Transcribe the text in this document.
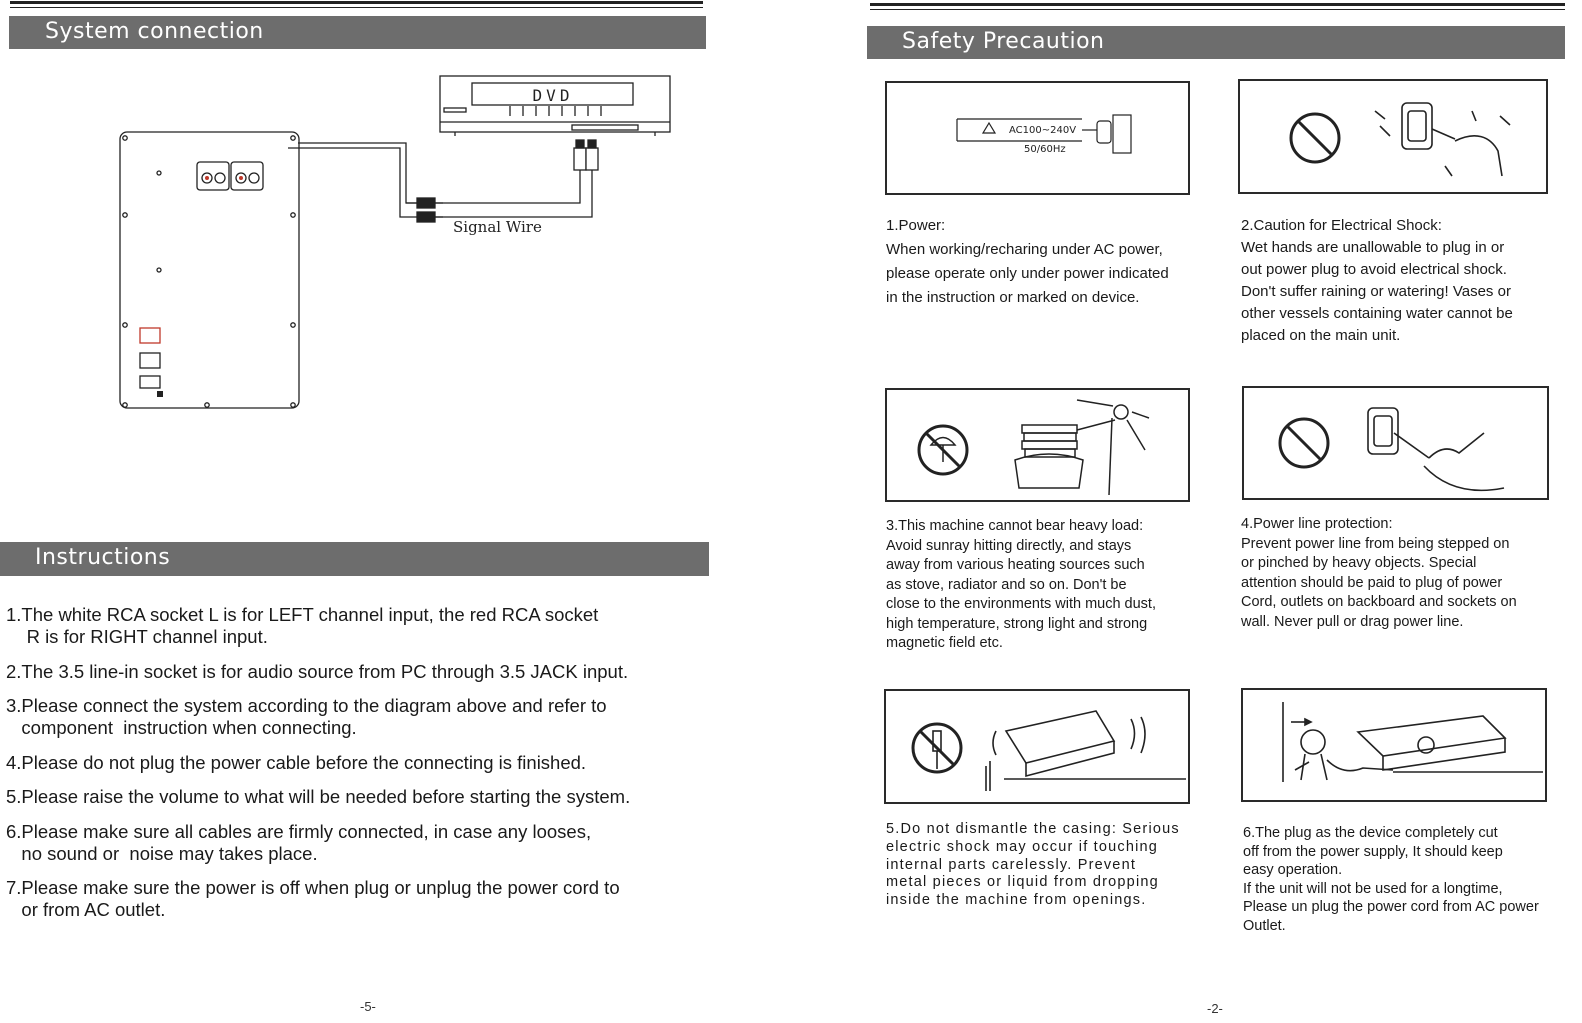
System connection
DVD
Signal Wire
Instructions
1.The white RCA socket L is for LEFT channel input, the red RCA socket
R is for RIGHT channel input.
2.The 3.5 line-in socket is for audio source from PC through 3.5 JACK input.
3.Please connect the system according to the diagram above and refer to
component  instruction when connecting.
4.Please do not plug the power cable before the connecting is finished.
5.Please raise the volume to what will be needed before starting the system.
6.Please make sure all cables are firmly connected, in case any looses,
no sound or  noise may takes place.
7.Please make sure the power is off when plug or unplug the power cord to
or from AC outlet.
-5-
Safety Precaution
AC100~240V
50/60Hz
1.Power:
When working/recharing under AC power,
please operate only under power indicated
in the instruction or marked on device.
2.Caution for Electrical Shock:
Wet hands are unallowable to plug in or
out power plug to avoid electrical shock.
Don't suffer raining or watering! Vases or
other vessels containing water cannot be
placed on the main unit.
3.This machine cannot bear heavy load:
Avoid sunray hitting directly, and stays
away from various heating sources such
as stove, radiator and so on. Don't be
close to the environments with much dust,
high temperature, strong light and strong
magnetic field etc.
4.Power line protection:
Prevent power line from being stepped on
or pinched by heavy objects. Special
attention should be paid to plug of power
Cord, outlets on backboard and sockets on
wall. Never pull or drag power line.
5.Do not dismantle the casing: Serious
electric shock may occur if touching
internal parts carelessly. Prevent
metal pieces or liquid from dropping
inside the machine from openings.
6.The plug as the device completely cut
off from the power supply, It should keep
easy operation.
If the unit will not be used for a longtime,
Please un plug the power cord from AC power
Outlet.
-2-
